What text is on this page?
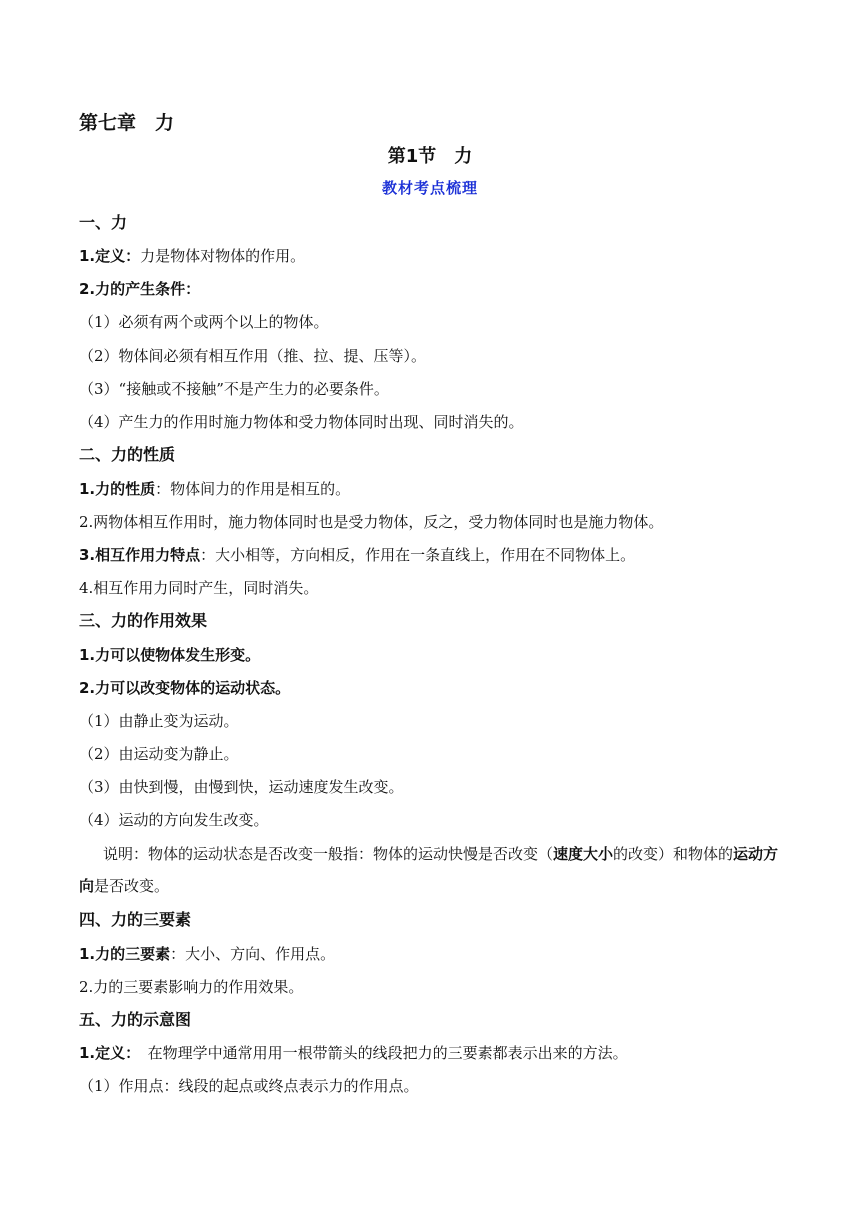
第七章　力
第1节　力
教材考点梳理
一、力
1.定义：力是物体对物体的作用。
2.力的产生条件：
（1）必须有两个或两个以上的物体。
（2）物体间必须有相互作用（推、拉、提、压等）。
（3）“接触或不接触”不是产生力的必要条件。
（4）产生力的作用时施力物体和受力物体同时出现、同时消失的。
二、力的性质
1.力的性质：物体间力的作用是相互的。
2.两物体相互作用时，施力物体同时也是受力物体，反之，受力物体同时也是施力物体。
3.相互作用力特点：大小相等，方向相反，作用在一条直线上，作用在不同物体上。
4.相互作用力同时产生，同时消失。
三、力的作用效果
1.力可以使物体发生形变。
2.力可以改变物体的运动状态。
（1）由静止变为运动。
（2）由运动变为静止。
（3）由快到慢，由慢到快，运动速度发生改变。
（4）运动的方向发生改变。
说明：物体的运动状态是否改变一般指：物体的运动快慢是否改变（速度大小的改变）和物体的运动方向是否改变。
四、力的三要素
1.力的三要素：大小、方向、作用点。
2.力的三要素影响力的作用效果。
五、力的示意图
1.定义：　在物理学中通常用用一根带箭头的线段把力的三要素都表示出来的方法。
（1）作用点：线段的起点或终点表示力的作用点。
